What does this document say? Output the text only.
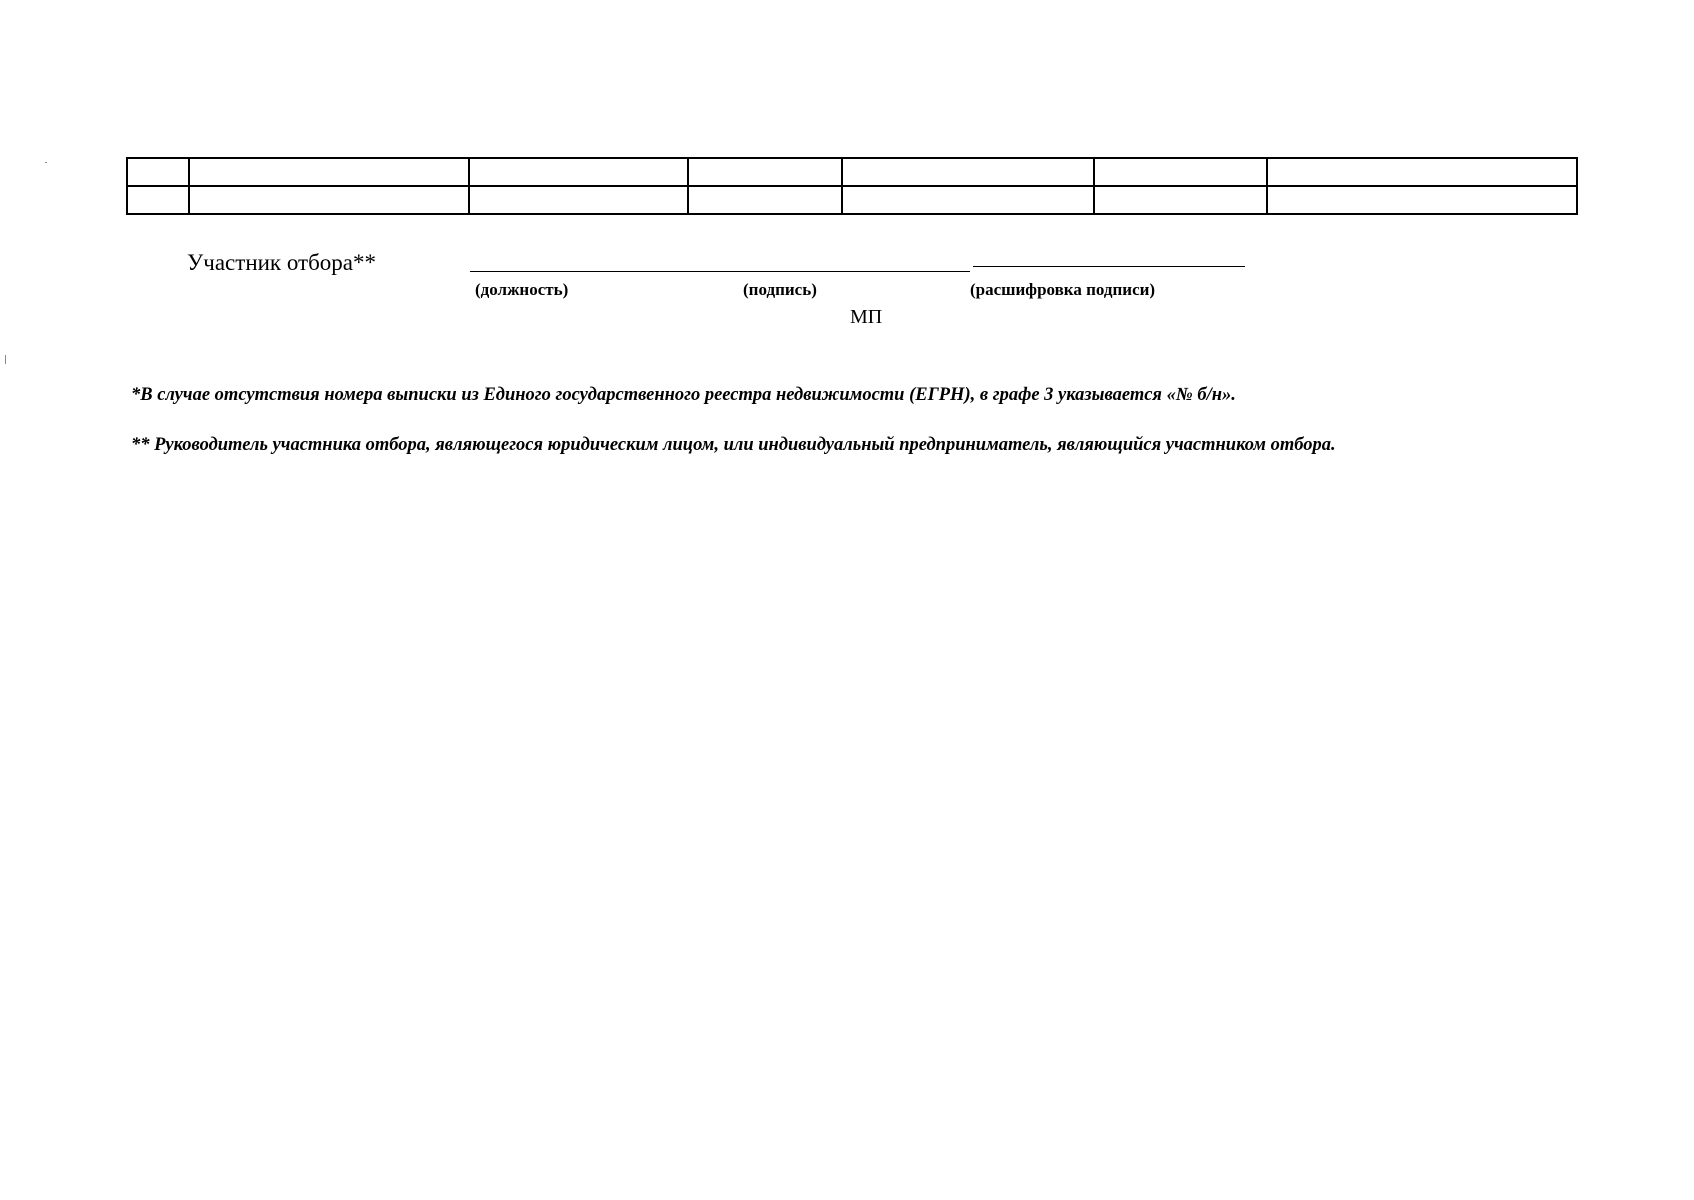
Участник отбора**
(должность)	(подпись)	(расшифровка подписи)
МП
*В случае отсутствия номера выписки из Единого государственного реестра недвижимости (ЕГРН), в графе 3 указывается «№ б/н».
** Руководитель участника отбора, являющегося юридическим лицом, или индивидуальный предприниматель, являющийся участником отбора.
